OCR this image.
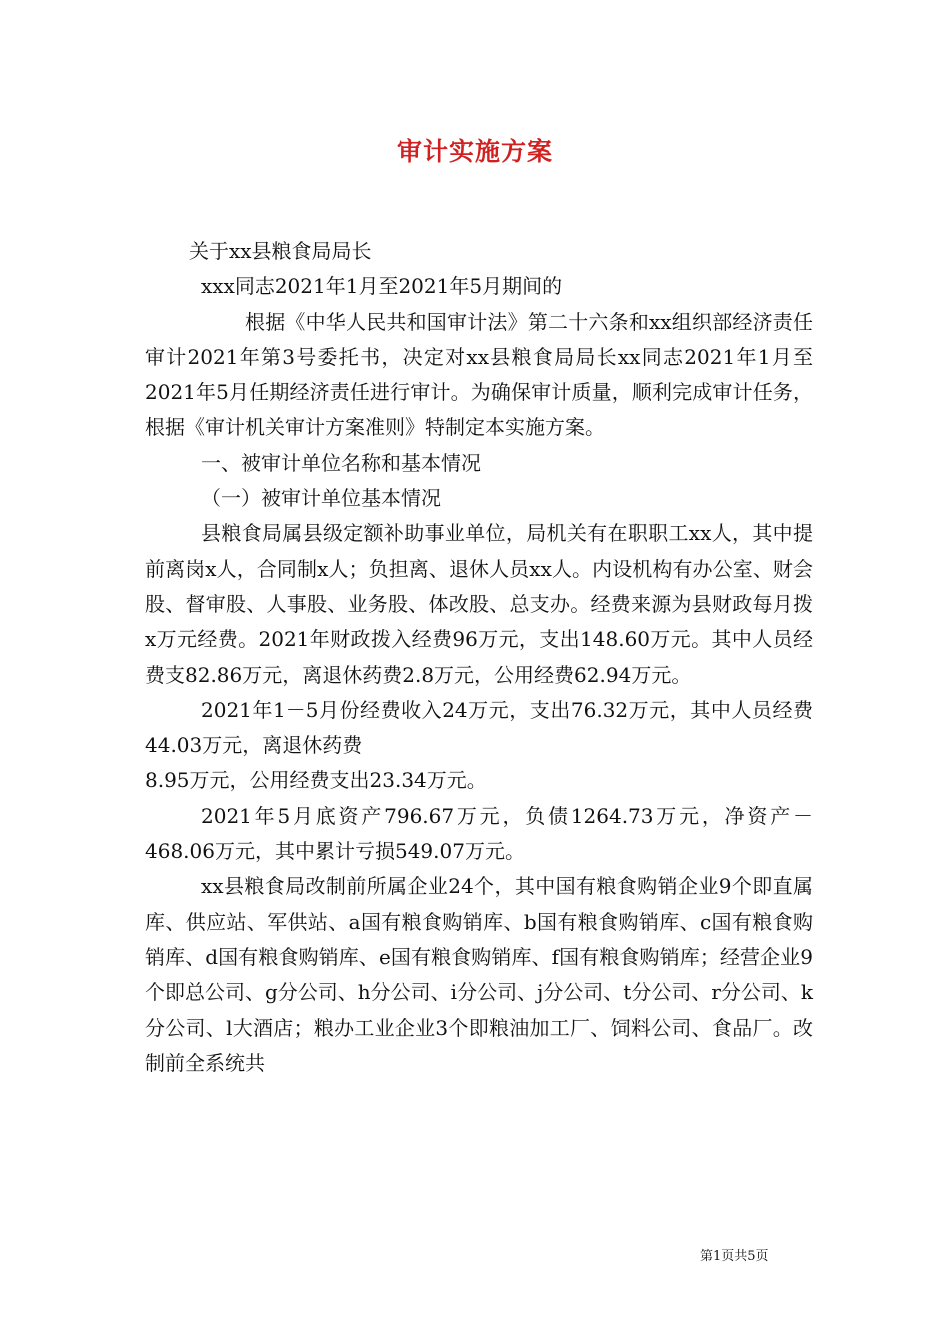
审计实施方案

关于xx县粮食局局长

xxx同志2021年1月至2021年5月期间的

根据《中华人民共和国审计法》第二十六条和xx组织部经济责任审计2021年第3号委托书，决定对xx县粮食局局长xx同志2021年1月至2021年5月任期经济责任进行审计。为确保审计质量，顺利完成审计任务，根据《审计机关审计方案准则》特制定本实施方案。

一、被审计单位名称和基本情况

（一）被审计单位基本情况

县粮食局属县级定额补助事业单位，局机关有在职职工xx人，其中提前离岗x人，合同制x人；负担离、退休人员xx人。内设机构有办公室、财会股、督审股、人事股、业务股、体改股、总支办。经费来源为县财政每月拨x万元经费。2021年财政拨入经费96万元，支出148.60万元。其中人员经费支82.86万元，离退休药费2.8万元，公用经费62.94万元。

2021年1－5月份经费收入24万元，支出76.32万元，其中人员经费44.03万元，离退休药费

8.95万元，公用经费支出23.34万元。

2021年5月底资产796.67万元，负债1264.73万元，净资产－468.06万元，其中累计亏损549.07万元。

xx县粮食局改制前所属企业24个，其中国有粮食购销企业9个即直属库、供应站、军供站、a国有粮食购销库、b国有粮食购销库、c国有粮食购销库、d国有粮食购销库、e国有粮食购销库、f国有粮食购销库；经营企业9个即总公司、g分公司、h分公司、i分公司、j分公司、t分公司、r分公司、k分公司、l大酒店；粮办工业企业3个即粮油加工厂、饲料公司、食品厂。改制前全系统共

第1页共5页
